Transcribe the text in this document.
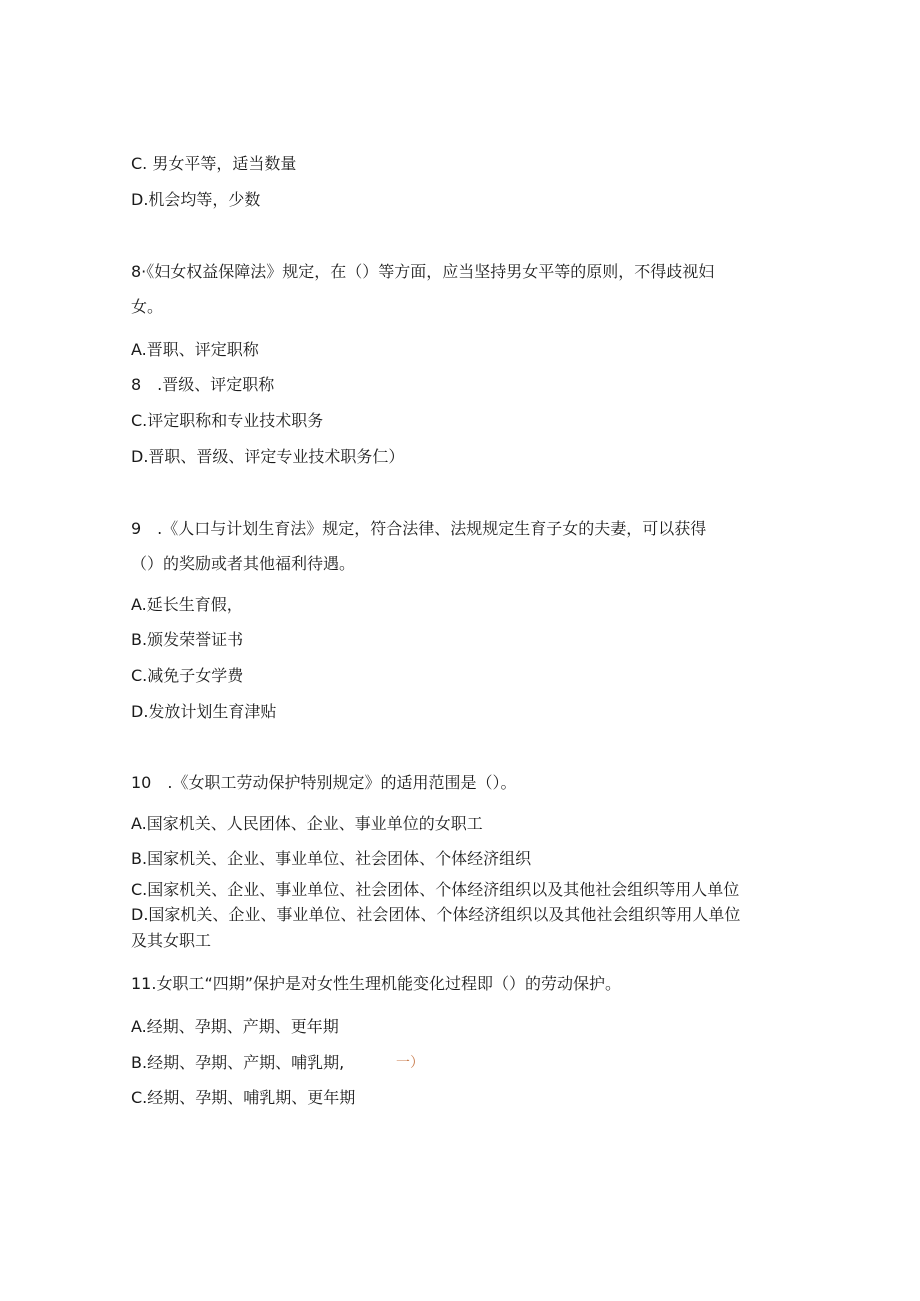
C. 男女平等，适当数量
D.机会均等，少数
8·《妇女权益保障法》规定，在（）等方面，应当坚持男女平等的原则，不得歧视妇
女。
A.晋职、评定职称
8　.晋级、评定职称
C.评定职称和专业技术职务
D.晋职、晋级、评定专业技术职务仁）
9　.《人口与计划生育法》规定，符合法律、法规规定生育子女的夫妻，可以获得
（）的奖励或者其他福利待遇。
A.延长生育假，
B.颁发荣誉证书
C.减免子女学费
D.发放计划生育津贴
10　.《女职工劳动保护特别规定》的适用范围是（）。
A.国家机关、人民团体、企业、事业单位的女职工
B.国家机关、企业、事业单位、社会团体、个体经济组织
C.国家机关、企业、事业单位、社会团体、个体经济组织以及其他社会组织等用人单位
D.国家机关、企业、事业单位、社会团体、个体经济组织以及其他社会组织等用人单位
及其女职工
11.女职工“四期”保护是对女性生理机能变化过程即（）的劳动保护。
A.经期、孕期、产期、更年期
B.经期、孕期、产期、哺乳期,	一）
C.经期、孕期、哺乳期、更年期
